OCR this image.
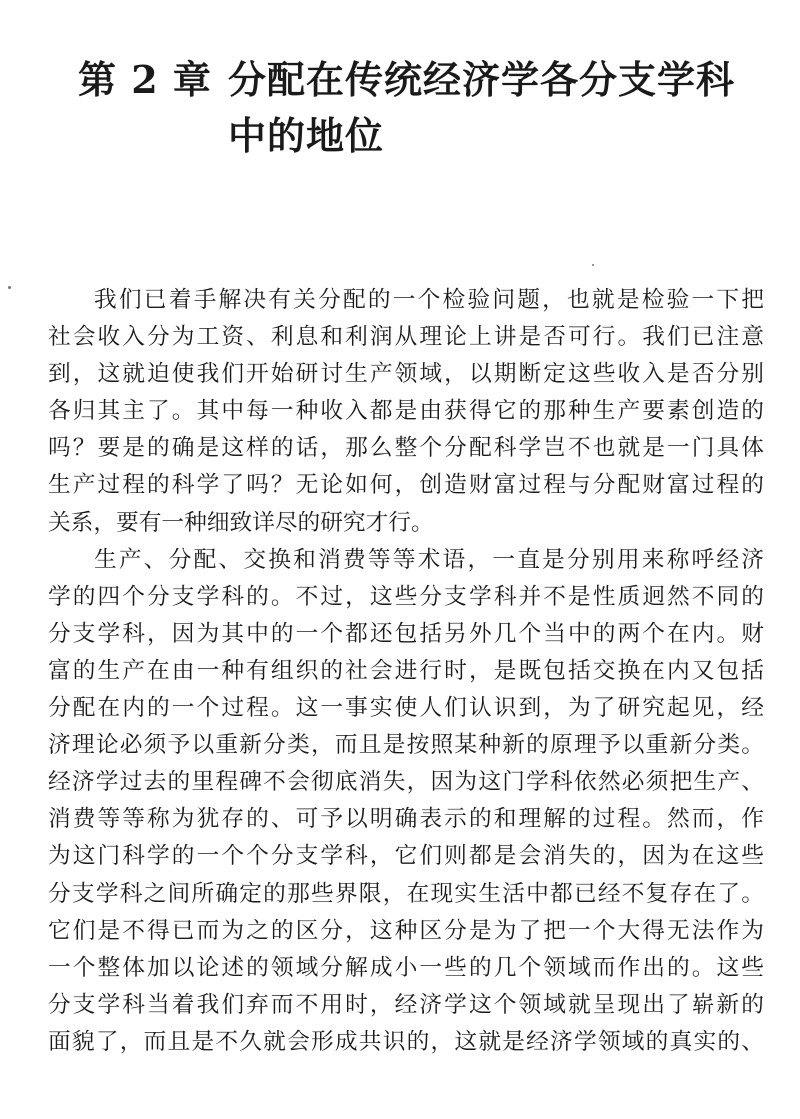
第 2 章 分配在传统经济学各分支学科
中的地位
我们已着手解决有关分配的一个检验问题，也就是检验一下把
社会收入分为工资、利息和利润从理论上讲是否可行。我们已注意
到，这就迫使我们开始研讨生产领域，以期断定这些收入是否分别
各归其主了。其中每一种收入都是由获得它的那种生产要素创造的
吗？要是的确是这样的话，那么整个分配科学岂不也就是一门具体
生产过程的科学了吗？无论如何，创造财富过程与分配财富过程的
关系，要有一种细致详尽的研究才行。
生产、分配、交换和消费等等术语，一直是分别用来称呼经济
学的四个分支学科的。不过，这些分支学科并不是性质迥然不同的
分支学科，因为其中的一个都还包括另外几个当中的两个在内。财
富的生产在由一种有组织的社会进行时，是既包括交换在内又包括
分配在内的一个过程。这一事实使人们认识到，为了研究起见，经
济理论必须予以重新分类，而且是按照某种新的原理予以重新分类。
经济学过去的里程碑不会彻底消失，因为这门学科依然必须把生产、
消费等等称为犹存的、可予以明确表示的和理解的过程。然而，作
为这门科学的一个个分支学科，它们则都是会消失的，因为在这些
分支学科之间所确定的那些界限，在现实生活中都已经不复存在了。
它们是不得已而为之的区分，这种区分是为了把一个大得无法作为
一个整体加以论述的领域分解成小一些的几个领域而作出的。这些
分支学科当着我们弃而不用时，经济学这个领域就呈现出了崭新的
面貌了，而且是不久就会形成共识的，这就是经济学领域的真实的、
